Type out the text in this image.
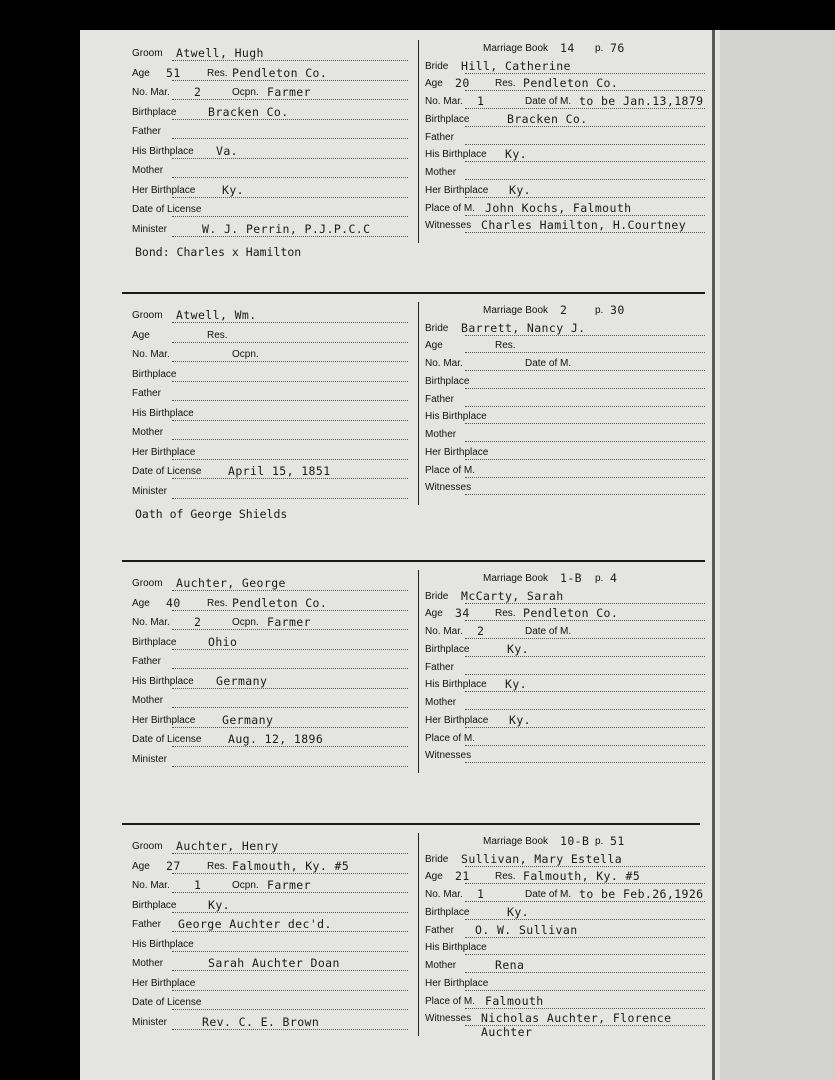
Groom Atwell, Hugh
Age 51	Res. Pendleton Co.
No. Mar. 2	Ocpn. Farmer
Birthplace	Bracken Co.
Father
His Birthplace Va.
Mother
Her Birthplace Ky.
Date of License
Minister	W. J. Perrin, P.J.P.C.C
Marriage Book 14 p. 76
Bride Hill, Catherine
Age 20	Res. Pendleton Co.
No. Mar. 1	Date of M. to be Jan.13,1879
Birthplace	Bracken Co.
Father
His Birthplace Ky.
Mother
Her Birthplace Ky.
Place of M. John Kochs, Falmouth
Witnesses Charles Hamilton, H.Courtney
Bond: Charles x Hamilton
Groom Atwell, Wm.
Age	Res.
No. Mar.	Ocpn.
Birthplace
Father
His Birthplace
Mother
Her Birthplace
Date of License April 15, 1851
Minister
Marriage Book 2	p. 30
Bride Barrett, Nancy J.
Age	Res.
No. Mar.	Date of M.
Birthplace
Father
His Birthplace
Mother
Her Birthplace
Place of M.
Witnesses
Oath of George Shields
Groom Auchter, George
Age 40	Res. Pendleton Co.
No. Mar. 2	Ocpn. Farmer
Birthplace	Ohio
Father
His Birthplace Germany
Mother
Her Birthplace Germany
Date of License Aug. 12, 1896
Minister
Marriage Book 1-B p. 4
Bride McCarty, Sarah
Age 34	Res. Pendleton Co.
No. Mar. 2	Date of M.
Birthplace	Ky.
Father
His Birthplace Ky.
Mother
Her Birthplace Ky.
Place of M.
Witnesses
Groom Auchter, Henry
Age 27	Res. Falmouth, Ky. #5
No. Mar. 1	Ocpn. Farmer
Birthplace	Ky.
Father George Auchter dec'd.
His Birthplace
Mother	Sarah Auchter Doan
Her Birthplace
Date of License
Minister	Rev. C. E. Brown
Marriage Book 10-B p. 51
Bride Sullivan, Mary Estella
Age 21	Res. Falmouth, Ky. #5
No. Mar. 1	Date of M. to be Feb.26,1926
Birthplace	Ky.
Father O. W. Sullivan
His Birthplace
Mother	Rena
Her Birthplace
Place of M. Falmouth
Witnesses Nicholas Auchter, Florence Auchter
